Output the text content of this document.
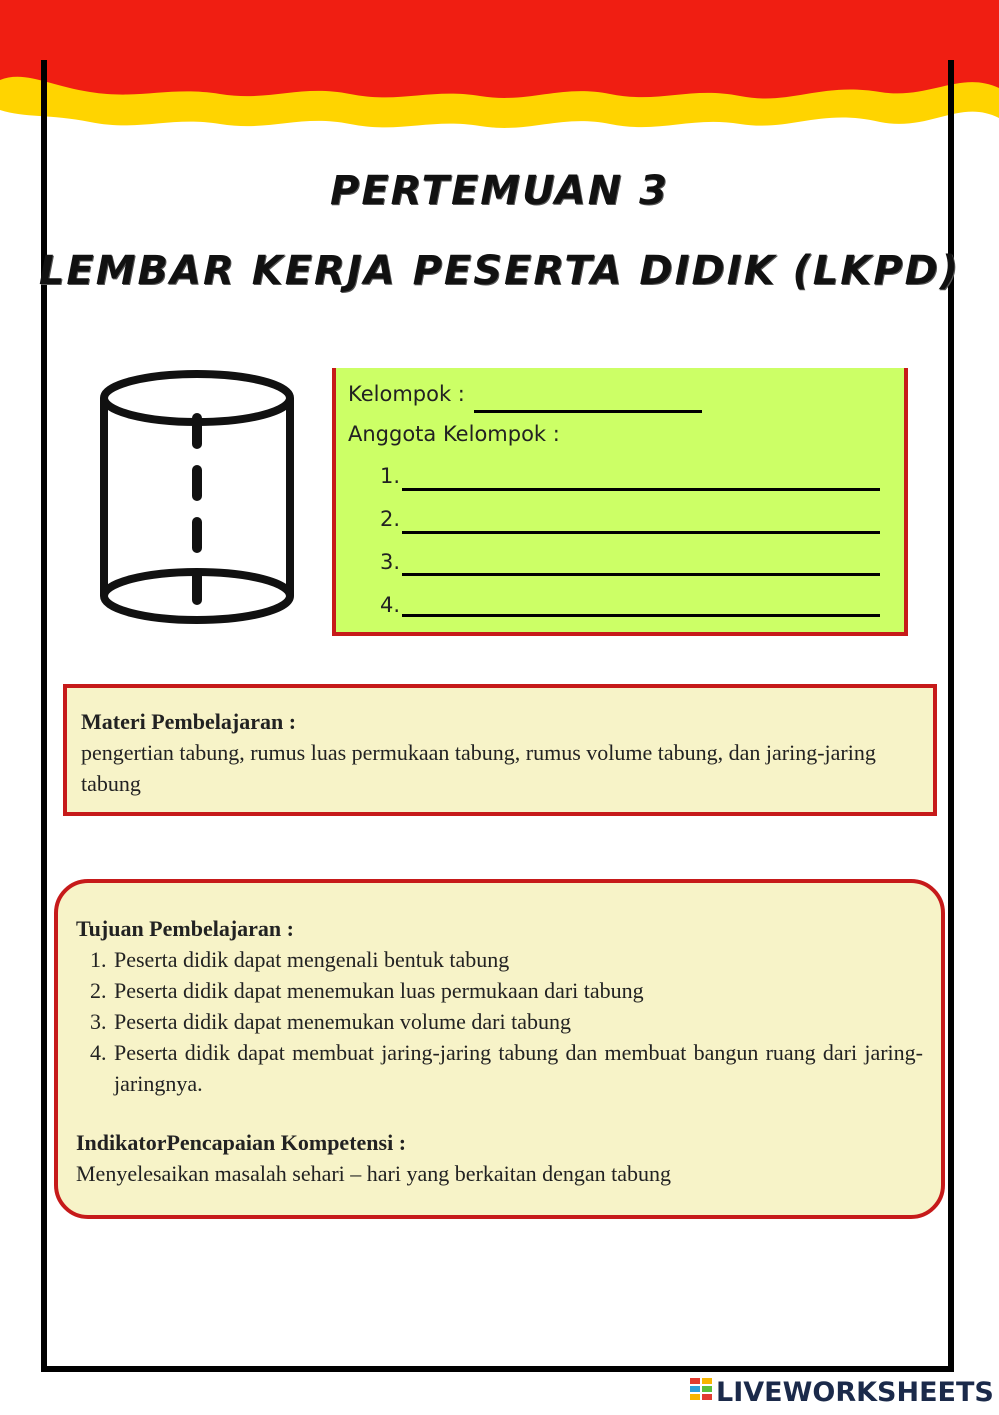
PERTEMUAN 3
LEMBAR KERJA PESERTA DIDIK (LKPD)
Kelompok :
Anggota Kelompok :
1.
2.
3.
4.
Materi Pembelajaran :
pengertian tabung, rumus luas permukaan tabung, rumus volume tabung, dan jaring-jaring tabung
Tujuan Pembelajaran :
1. Peserta didik dapat mengenali bentuk tabung
2. Peserta didik dapat menemukan luas permukaan dari tabung
3. Peserta didik dapat menemukan volume dari tabung
4. Peserta didik dapat membuat jaring-jaring tabung dan membuat bangun ruang dari jaring-jaringnya.
IndikatorPencapaian Kompetensi :
Menyelesaikan masalah sehari – hari yang berkaitan dengan tabung
LIVEWORKSHEETS
